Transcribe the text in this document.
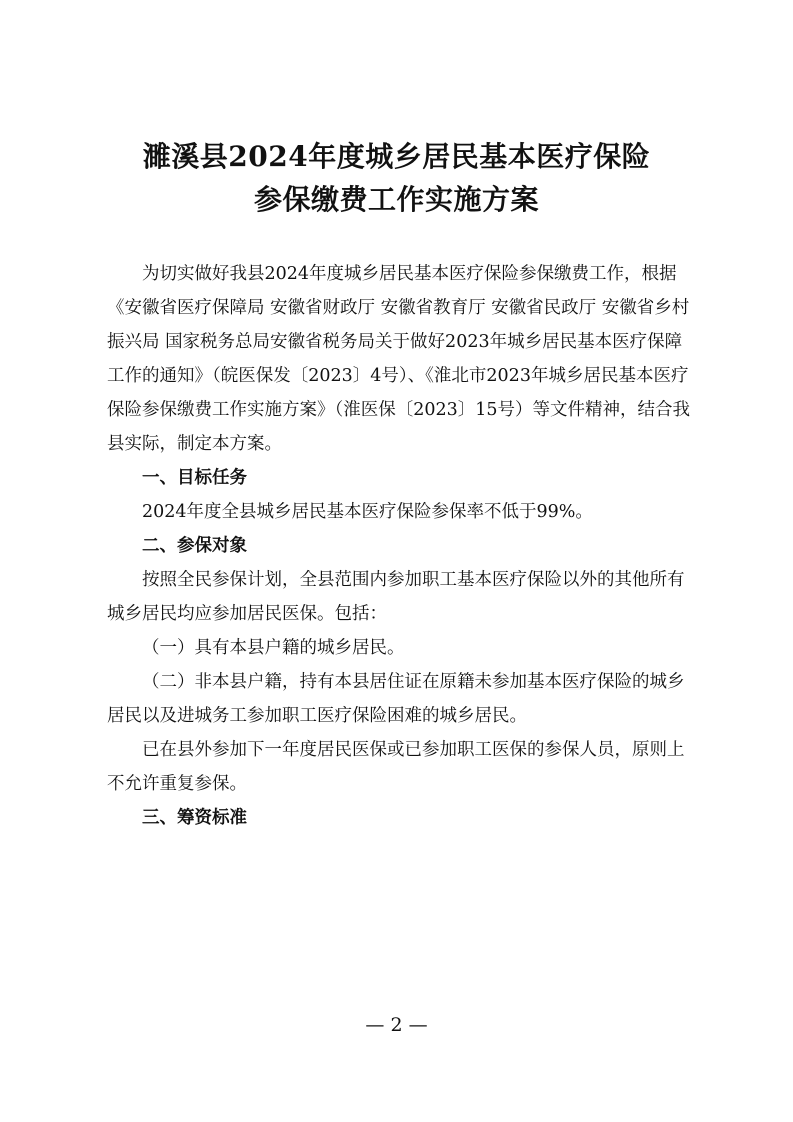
濉溪县2024年度城乡居民基本医疗保险
参保缴费工作实施方案

为切实做好我县2024年度城乡居民基本医疗保险参保缴费工作，根据《安徽省医疗保障局 安徽省财政厅 安徽省教育厅 安徽省民政厅 安徽省乡村振兴局 国家税务总局安徽省税务局关于做好2023年城乡居民基本医疗保障工作的通知》（皖医保发〔2023〕4号）、《淮北市2023年城乡居民基本医疗保险参保缴费工作实施方案》（淮医保〔2023〕15号）等文件精神，结合我县实际，制定本方案。

一、目标任务

2024年度全县城乡居民基本医疗保险参保率不低于99%。

二、参保对象

按照全民参保计划，全县范围内参加职工基本医疗保险以外的其他所有城乡居民均应参加居民医保。包括：

（一）具有本县户籍的城乡居民。

（二）非本县户籍，持有本县居住证在原籍未参加基本医疗保险的城乡居民以及进城务工参加职工医疗保险困难的城乡居民。

已在县外参加下一年度居民医保或已参加职工医保的参保人员，原则上不允许重复参保。

三、筹资标准

— 2 —
